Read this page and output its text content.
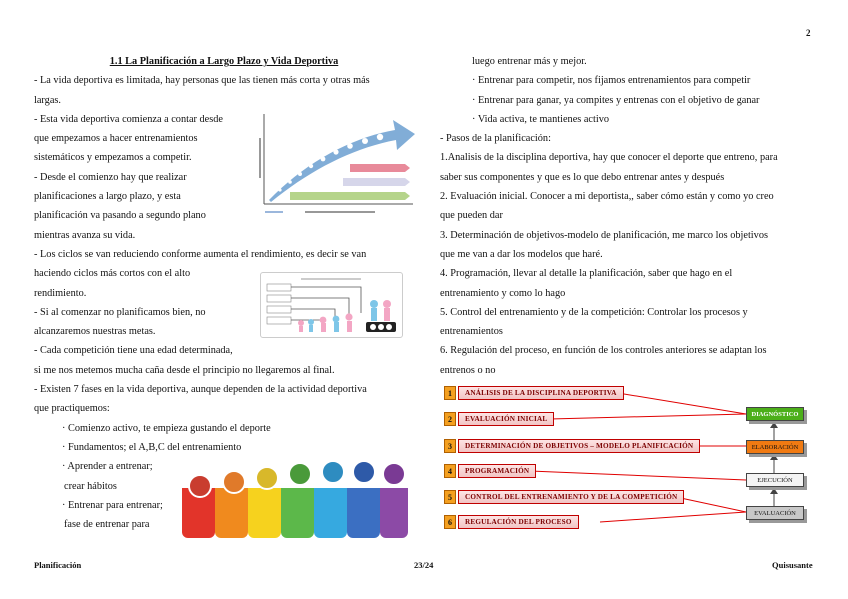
2
1.1 La Planificación a Largo Plazo y Vida Deportiva
- La vida deportiva es limitada, hay personas que las tienen más corta y otras más
largas.
- Esta vida deportiva comienza a contar desde
que empezamos a hacer entrenamientos
sistemáticos y empezamos a competir.
- Desde el comienzo hay que realizar
planificaciones a largo plazo, y esta
planificación va pasando a segundo plano
mientras avanza su vida.
- Los ciclos se van reduciendo conforme aumenta el rendimiento, es decir se van
haciendo ciclos más cortos con el alto
rendimiento.
- Si al comenzar no planificamos bien, no
alcanzaremos nuestras metas.
- Cada competición tiene una edad determinada,
si me nos metemos mucha caña desde el principio no llegaremos al final.
- Existen 7 fases en la vida deportiva, aunque dependen de la actividad deportiva
que practiquemos:
· Comienzo activo, te empieza gustando el deporte
· Fundamentos; el A,B,C del entrenamiento
· Aprender a entrenar;
crear hábitos
· Entrenar para entrenar;
fase de entrenar para
luego entrenar más y mejor.
· Entrenar para competir, nos fijamos entrenamientos para competir
· Entrenar para ganar, ya compites y entrenas con el objetivo de ganar
· Vida activa, te mantienes activo
- Pasos de la planificación:
1.Analisis de la disciplina deportiva, hay que conocer el deporte que entreno, para
saber sus componentes y que es lo que debo entrenar antes y después
2. Evaluación inicial. Conocer a mi deportista,, saber cómo están y como yo creo
que pueden dar
3. Determinación de objetivos-modelo de planificación, me marco los objetivos
que me van a dar los modelos que haré.
4. Programación, llevar al detalle la planificación, saber que hago en el
entrenamiento y como lo hago
5. Control del entrenamiento y de la competición: Controlar los procesos y
entrenamientos
6. Regulación del proceso, en función de los controles anteriores se adaptan los
entrenos o no
1	ANÁLISIS DE LA DISCIPLINA DEPORTIVA
2	EVALUACIÓN INICIAL
3	DETERMINACIÓN DE OBJETIVOS – MODELO PLANIFICACIÓN
4	PROGRAMACIÓN
5	CONTROL DEL ENTRENAMIENTO Y DE LA COMPETICIÓN
6	REGULACIÓN DEL PROCESO
DIAGNÓSTICO
ELABORACIÓN
EJECUCIÓN
EVALUACIÓN
Planificación	23/24	Quisusante
